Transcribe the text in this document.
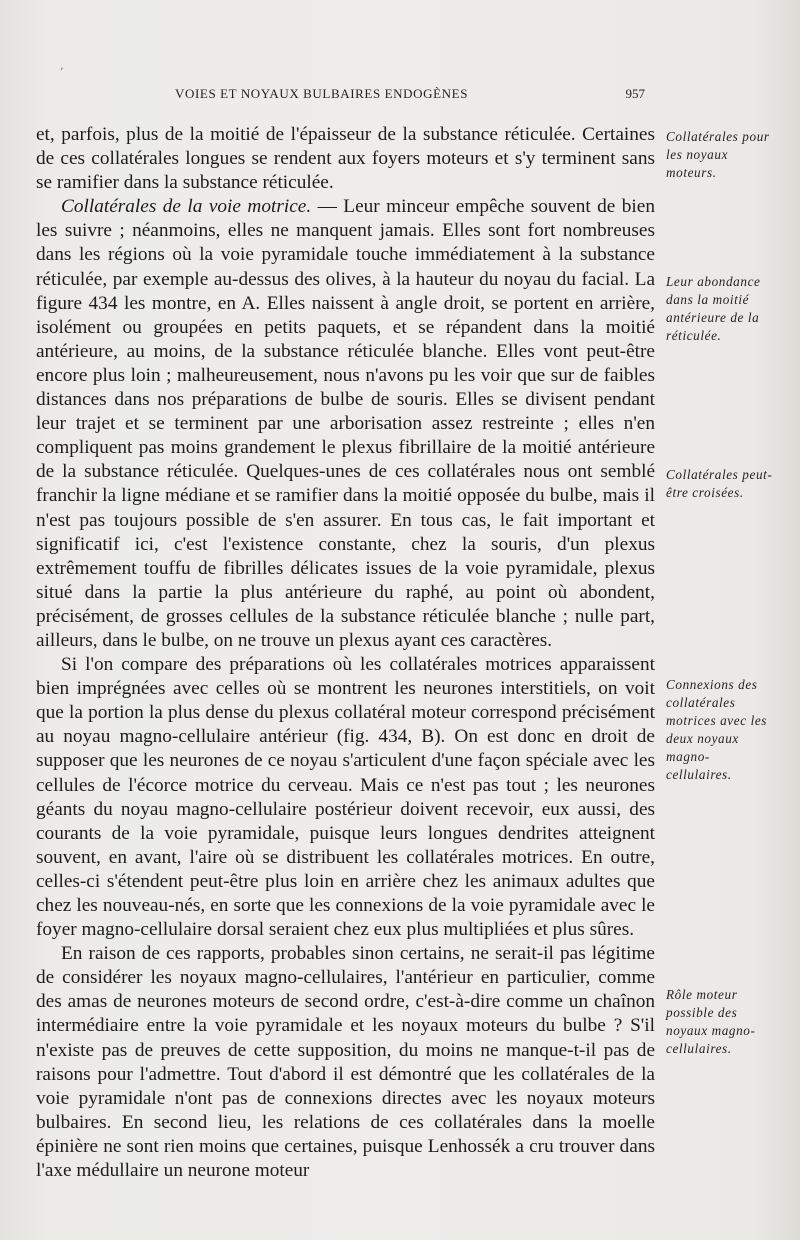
,
VOIES ET NOYAUX BULBAIRES ENDOGÈNES	957

et, parfois, plus de la moitié de l'épaisseur de la substance réticulée. Certaines de ces collatérales longues se rendent aux foyers moteurs et s'y terminent sans se ramifier dans la substance réticulée.

Collatérales de la voie motrice. — Leur minceur empêche souvent de bien les suivre ; néanmoins, elles ne manquent jamais. Elles sont fort nombreuses dans les régions où la voie pyramidale touche immédiatement à la substance réticulée, par exemple au-dessus des olives, à la hauteur du noyau du facial. La figure 434 les montre, en A. Elles naissent à angle droit, se portent en arrière, isolément ou groupées en petits paquets, et se répandent dans la moitié antérieure, au moins, de la substance réticulée blanche. Elles vont peut-être encore plus loin ; malheureusement, nous n'avons pu les voir que sur de faibles distances dans nos préparations de bulbe de souris. Elles se divisent pendant leur trajet et se terminent par une arborisation assez restreinte ; elles n'en compliquent pas moins grandement le plexus fibrillaire de la moitié antérieure de la substance réticulée. Quelques-unes de ces collatérales nous ont semblé franchir la ligne médiane et se ramifier dans la moitié opposée du bulbe, mais il n'est pas toujours possible de s'en assurer. En tous cas, le fait important et significatif ici, c'est l'existence constante, chez la souris, d'un plexus extrêmement touffu de fibrilles délicates issues de la voie pyramidale, plexus situé dans la partie la plus antérieure du raphé, au point où abondent, précisément, de grosses cellules de la substance réticulée blanche ; nulle part, ailleurs, dans le bulbe, on ne trouve un plexus ayant ces caractères.

Si l'on compare des préparations où les collatérales motrices apparaissent bien imprégnées avec celles où se montrent les neurones interstitiels, on voit que la portion la plus dense du plexus collatéral moteur correspond précisément au noyau magno-cellulaire antérieur (fig. 434, B). On est donc en droit de supposer que les neurones de ce noyau s'articulent d'une façon spéciale avec les cellules de l'écorce motrice du cerveau. Mais ce n'est pas tout ; les neurones géants du noyau magno-cellulaire postérieur doivent recevoir, eux aussi, des courants de la voie pyramidale, puisque leurs longues dendrites atteignent souvent, en avant, l'aire où se distribuent les collatérales motrices. En outre, celles-ci s'étendent peut-être plus loin en arrière chez les animaux adultes que chez les nouveau-nés, en sorte que les connexions de la voie pyramidale avec le foyer magno-cellulaire dorsal seraient chez eux plus multipliées et plus sûres.

En raison de ces rapports, probables sinon certains, ne serait-il pas légitime de considérer les noyaux magno-cellulaires, l'antérieur en particulier, comme des amas de neurones moteurs de second ordre, c'est-à-dire comme un chaînon intermédiaire entre la voie pyramidale et les noyaux moteurs du bulbe ? S'il n'existe pas de preuves de cette supposition, du moins ne manque-t-il pas de raisons pour l'admettre. Tout d'abord il est démontré que les collatérales de la voie pyramidale n'ont pas de connexions directes avec les noyaux moteurs bulbaires. En second lieu, les relations de ces collatérales dans la moelle épinière ne sont rien moins que certaines, puisque Lenhossék a cru trouver dans l'axe médullaire un neurone moteur

Collatérales pour les noyaux moteurs.
Leur abondance dans la moitié antérieure de la réticulée.
Collatérales peut-être croisées.
Connexions des collatérales motrices avec les deux noyaux magno-cellulaires.
Rôle moteur possible des noyaux magno-cellulaires.
